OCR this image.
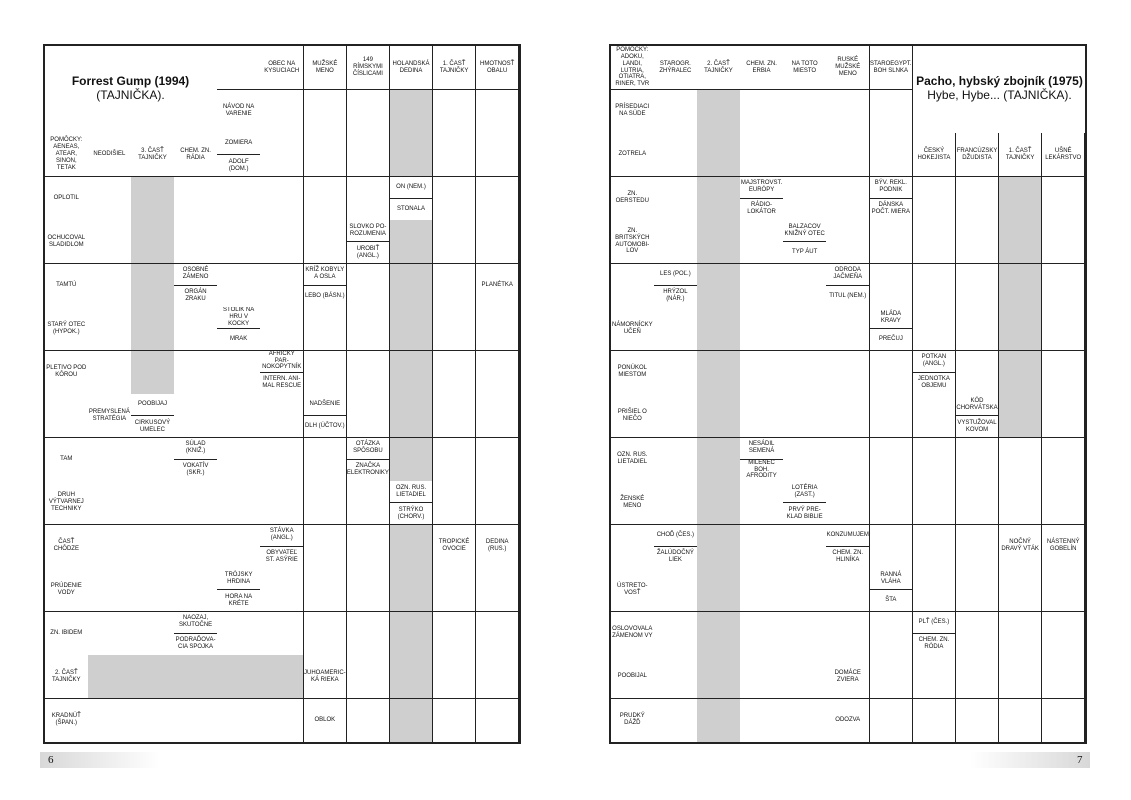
OBEC NA KYSUCIACH
MUŽSKÉ MENO
149 RÍMSKYMI ČÍSLICAMI
HOLANDSKÁ DEDINA
1. ČASŤ TAJNIČKY
HMOTNOSŤ OBALU
NÁVOD NA VARENIE
POMÔCKY: AENEAS, ATEAR, SINON, TETAK
NEODIŠIEL
3. ČASŤ TAJNIČKY
CHEM. ZN. RÁDIA
ZOMIERA
ADOLF (DOM.)
OPLOTIL
ON (NEM.)
STONALA
OCHUCOVAL SLADIDLOM
SLOVKO PO-ROZUMENIA
UROBIŤ (ANGL.)
TAMTÚ
OSOBNÉ ZÁMENO
ORGÁN ZRAKU
KRÍŽ KOBYLY A OSLA
LEBO (BÁSN.)
PLANÉTKA
STARÝ OTEC (HYPOK.)
STOLÍK NA HRU V KOCKY
MRAK
PLETIVO POD KÔROU
AFRICKÝ PAR-NOKOPYTNÍK
INTERN. ANI-MAL RESCUE
PREMYSLENÁ STRATÉGIA
POOBIJAJ
CIRKUSOVÝ UMELEC
NADŠENIE
DLH (ÚČTOV.)
TAM
SÚLAD (KNIŽ.)
VOKATÍV (SKR.)
OTÁZKA SPÔSOBU
ZNAČKA ELEKTRONIKY
DRUH VÝTVARNEJ TECHNIKY
OZN. RUS. LIETADIEL
STRÝKO (CHORV.)
ČASŤ CHÔDZE
STÁVKA (ANGL.)
OBYVATEĽ ST. ASÝRIE
TROPICKÉ OVOCIE
DEDINA (RUS.)
PRÚDENIE VODY
TRÓJSKY HRDINA
HORA NA KRÉTE
ZN. IBIDEM
NAOZAJ, SKUTOČNE
PODRAĎOVA-CIA SPOJKA
2. ČASŤ TAJNIČKY
JUHOAMERIC-KÁ RIEKA
KRADNÚŤ (ŠPAN.)
OBLOK
Forrest Gump (1994)
(TAJNIČKA).
POMÔCKY: ADOKU, LANDI, LUTRIA, OTIATRA, RINER, TVR
STAROGR. ZHÝRALEC
2. ČASŤ TAJNIČKY
CHEM. ZN. ERBIA
NA TOTO MIESTO
RUSKÉ MUŽSKÉ MENO
STAROEGYPT. BOH SLNKA
PRÍSEDIACI NA SÚDE
ZOTRELA
ČESKÝ HOKEJISTA
FRANCÚZSKY DŽUDISTA
1. ČASŤ TAJNIČKY
UŠNÉ LEKÁRSTVO
ZN. OERSTEDU
MAJSTROVST. EURÓPY
RÁDIO-LOKÁTOR
BÝV. REKL. PODNIK
DÁNSKA POČT. MIERA
ZN. BRITSKÝCH AUTOMOBI-LOV
BALZACOV KNIŽNÝ OTEC
TYP ÁUT
LES (POĽ.)
HRÝZOL (NÁR.)
ODRODA JAČMEŇA
TITUL (NEM.)
NÁMORNÍCKY UČEŇ
MLÁDA KRAVY
PREČUJ
PONÚKOL MIESTOM
POTKAN (ANGL.)
JEDNOTKA OBJEMU
PRIŠIEL O NIEČO
KÓD CHORVÁTSKA
VYSTUŽOVAL KOVOM
OZN. RUS. LIETADIEL
NESÁDIL SEMENÁ
MILENEC BOH. AFRODITY
ŽENSKÉ MENO
LOTÉRIA (ZAST.)
PRVÝ PRE-KLAD BIBLIE
CHOĎ (ČES.)
ŽALÚDOČNÝ LIEK
KONZUMUJEM
CHEM. ZN. HLINÍKA
NOČNÝ DRAVÝ VTÁK
NÁSTENNÝ GOBELÍN
ÚSTRETO-VOSŤ
RANNÁ VLÁHA
ŠTA
OSLOVOVALA ZÁMENOM VY
PLŤ (ČES.)
CHEM. ZN. RÓDIA
POOBIJAL
DOMÁCE ZVIERA
PRUDKÝ DÁŽĎ
ODOZVA
Pacho, hybský zbojník (1975)
Hybe, Hybe... (TAJNIČKA).
6	7
